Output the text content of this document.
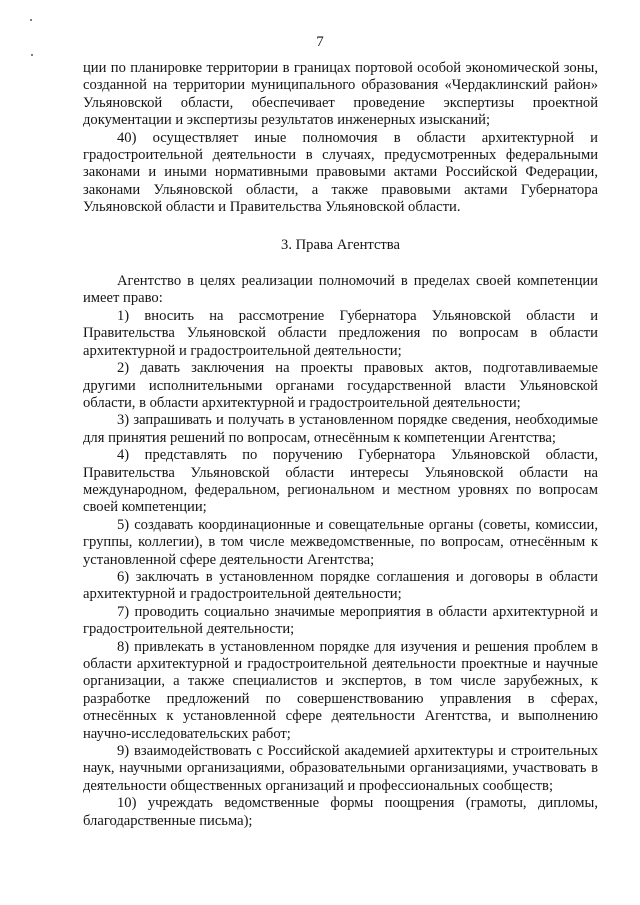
7

ции по планировке территории в границах портовой особой экономической зоны, созданной на территории муниципального образования «Чердаклинский район» Ульяновской области, обеспечивает проведение экспертизы проектной документации и экспертизы результатов инженерных изысканий;

40) осуществляет иные полномочия в области архитектурной и градостроительной деятельности в случаях, предусмотренных федеральными законами и иными нормативными правовыми актами Российской Федерации, законами Ульяновской области, а также правовыми актами Губернатора Ульяновской области и Правительства Ульяновской области.

3. Права Агентства

Агентство в целях реализации полномочий в пределах своей компетенции имеет право:

1) вносить на рассмотрение Губернатора Ульяновской области и Правительства Ульяновской области предложения по вопросам в области архитектурной и градостроительной деятельности;

2) давать заключения на проекты правовых актов, подготавливаемые другими исполнительными органами государственной власти Ульяновской области, в области архитектурной и градостроительной деятельности;

3) запрашивать и получать в установленном порядке сведения, необходимые для принятия решений по вопросам, отнесённым к компетенции Агентства;

4) представлять по поручению Губернатора Ульяновской области, Правительства Ульяновской области интересы Ульяновской области на международном, федеральном, региональном и местном уровнях по вопросам своей компетенции;

5) создавать координационные и совещательные органы (советы, комиссии, группы, коллегии), в том числе межведомственные, по вопросам, отнесённым к установленной сфере деятельности Агентства;

6) заключать в установленном порядке соглашения и договоры в области архитектурной и градостроительной деятельности;

7) проводить социально значимые мероприятия в области архитектурной и градостроительной деятельности;

8) привлекать в установленном порядке для изучения и решения проблем в области архитектурной и градостроительной деятельности проектные и научные организации, а также специалистов и экспертов, в том числе зарубежных, к разработке предложений по совершенствованию управления в сферах, отнесённых к установленной сфере деятельности Агентства, и выполнению научно-исследовательских работ;

9) взаимодействовать с Российской академией архитектуры и строительных наук, научными организациями, образовательными организациями, участвовать в деятельности общественных организаций и профессиональных сообществ;

10) учреждать ведомственные формы поощрения (грамоты, дипломы, благодарственные письма);
